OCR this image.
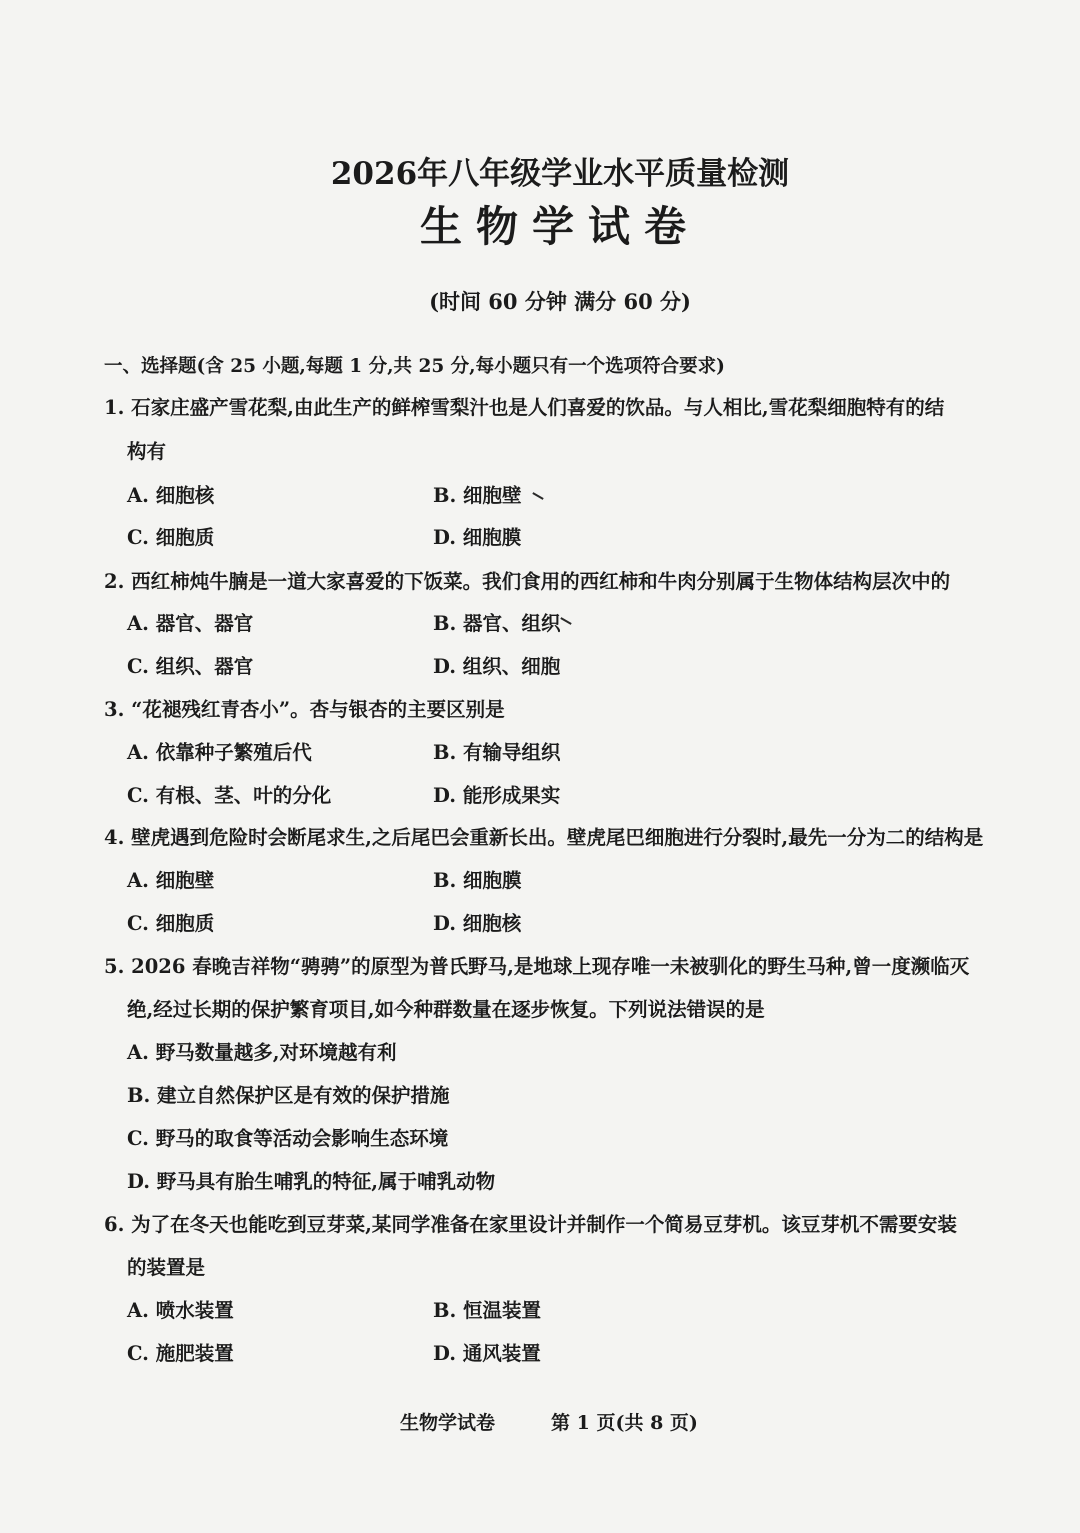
2026年八年级学业水平质量检测
生物学试卷
(时间 60 分钟 满分 60 分)
一、选择题(含 25 小题,每题 1 分,共 25 分,每小题只有一个选项符合要求)
1. 石家庄盛产雪花梨,由此生产的鲜榨雪梨汁也是人们喜爱的饮品。与人相比,雪花梨细胞特有的结
构有
A. 细胞核	B. 细胞壁
C. 细胞质	D. 细胞膜
2. 西红柿炖牛腩是一道大家喜爱的下饭菜。我们食用的西红柿和牛肉分别属于生物体结构层次中的
A. 器官、器官	B. 器官、组织
C. 组织、器官	D. 组织、细胞
3. “花褪残红青杏小”。杏与银杏的主要区别是
A. 依靠种子繁殖后代	B. 有输导组织
C. 有根、茎、叶的分化	D. 能形成果实
4. 壁虎遇到危险时会断尾求生,之后尾巴会重新长出。壁虎尾巴细胞进行分裂时,最先一分为二的结构是
A. 细胞壁	B. 细胞膜
C. 细胞质	D. 细胞核
5. 2026 春晚吉祥物“骋骋”的原型为普氏野马,是地球上现存唯一未被驯化的野生马种,曾一度濒临灭
绝,经过长期的保护繁育项目,如今种群数量在逐步恢复。下列说法错误的是
A. 野马数量越多,对环境越有利
B. 建立自然保护区是有效的保护措施
C. 野马的取食等活动会影响生态环境
D. 野马具有胎生哺乳的特征,属于哺乳动物
6. 为了在冬天也能吃到豆芽菜,某同学准备在家里设计并制作一个简易豆芽机。该豆芽机不需要安装
的装置是
A. 喷水装置	B. 恒温装置
C. 施肥装置	D. 通风装置
生物学试卷	第 1 页(共 8 页)
